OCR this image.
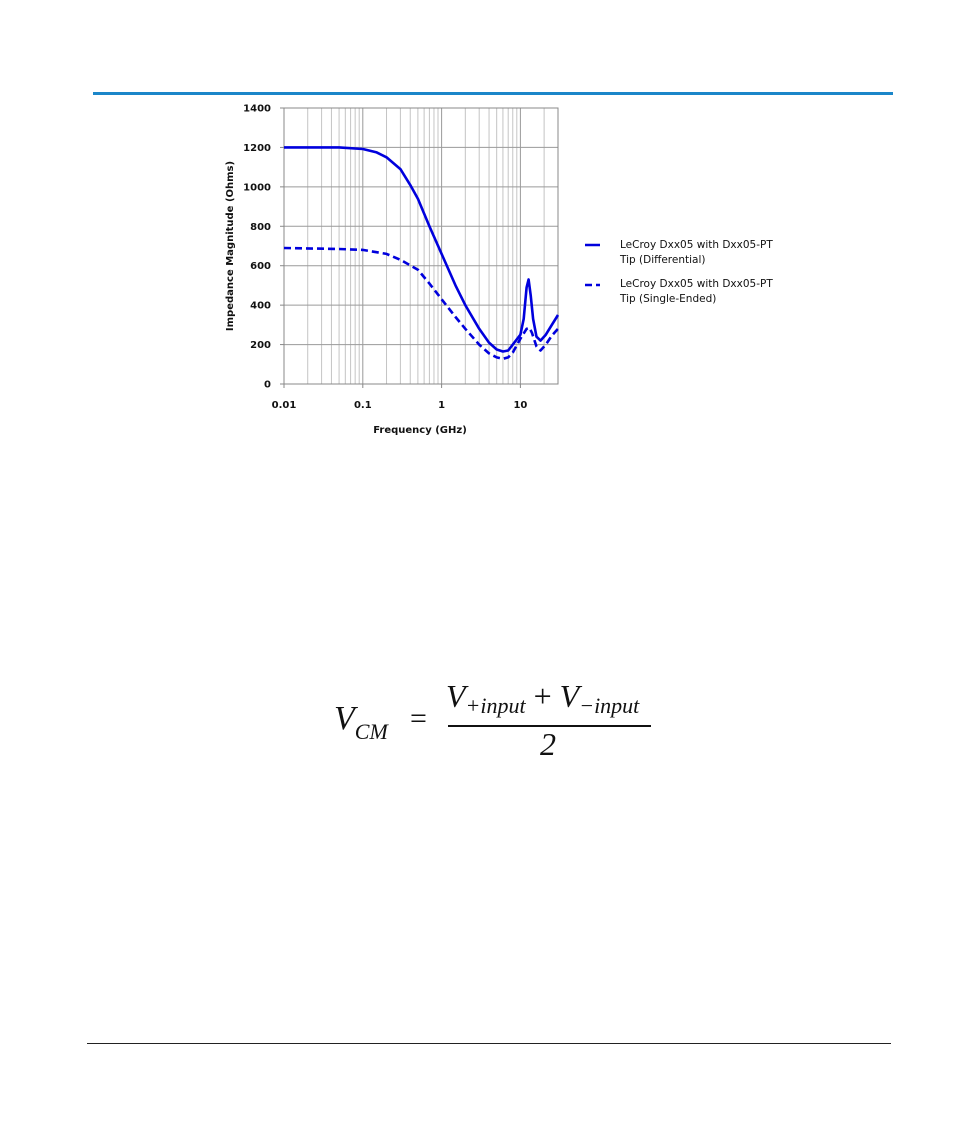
0
200
400
600
800
1000
1200
1400
0.01	0.1	1	10
Impedance Magnitude (Ohms)
Frequency (GHz)
LeCroy Dxx05 with Dxx05-PT
Tip (Differential)
LeCroy Dxx05 with Dxx05-PT
Tip (Single-Ended)
$V_{CM}$ =
$V_{+input} + V_{-input}$
2
